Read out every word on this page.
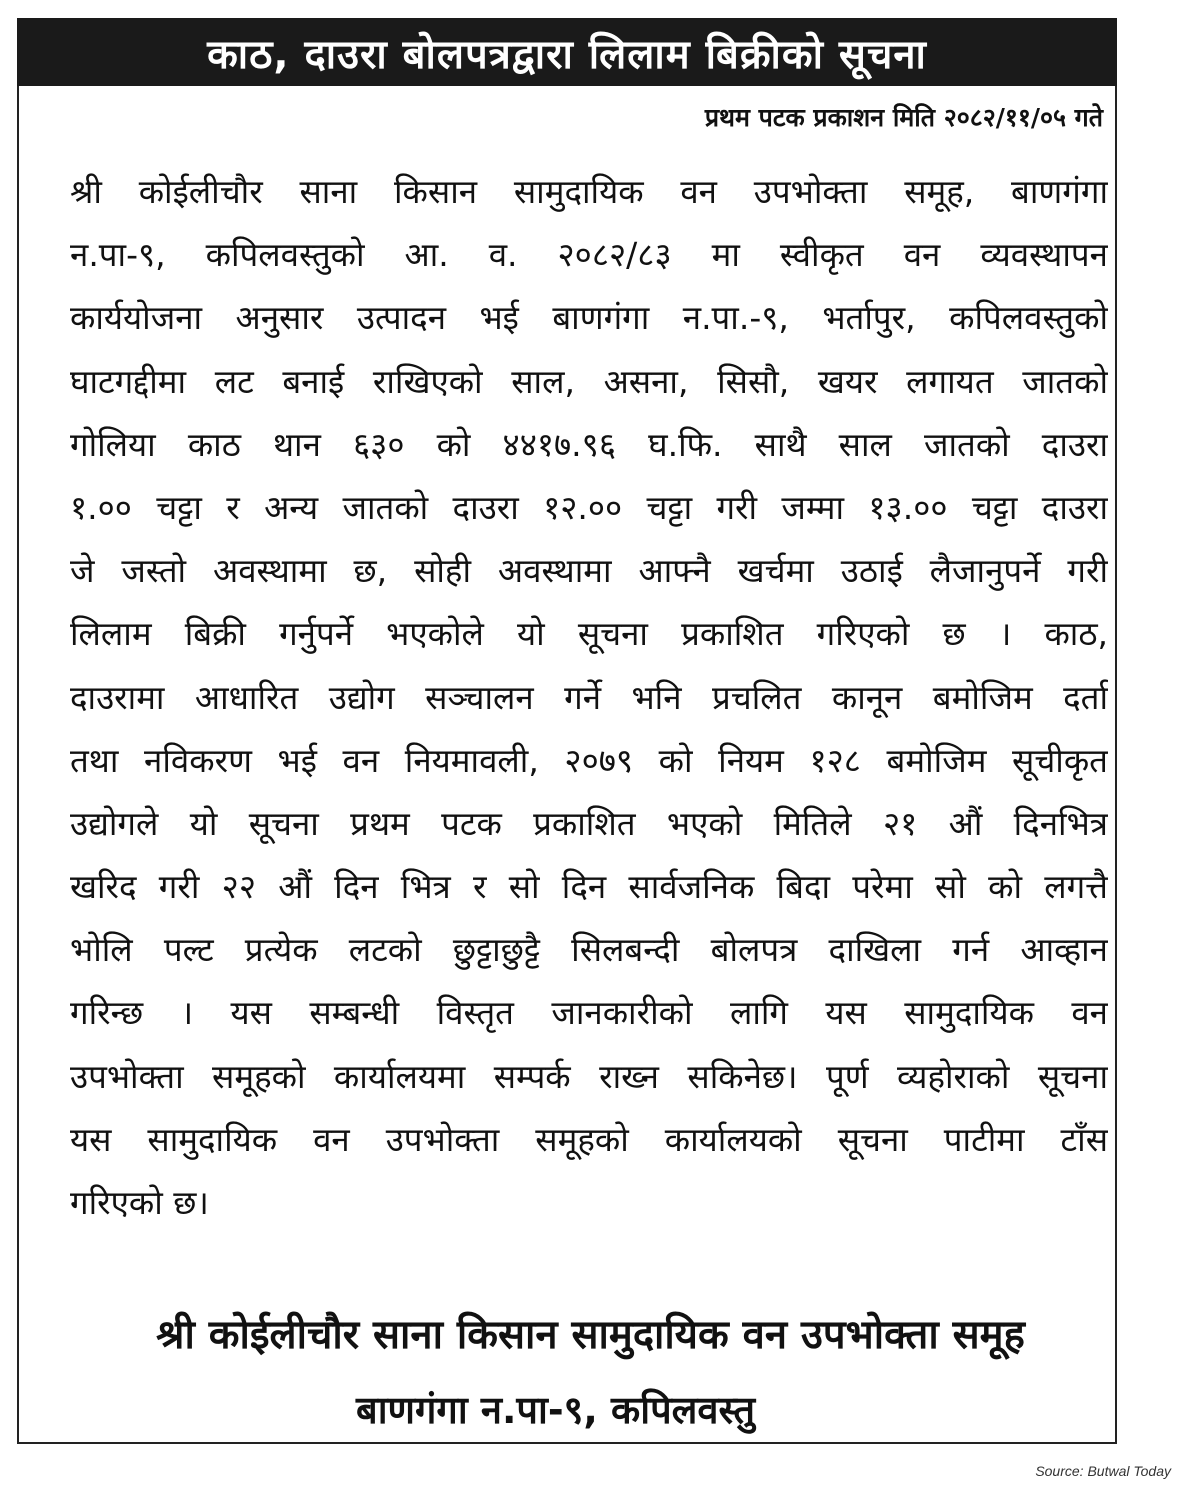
काठ, दाउरा बोलपत्रद्वारा लिलाम बिक्रीको सूचना
प्रथम पटक प्रकाशन मिति २०८२/११/०५ गते
श्री कोईलीचौर साना किसान सामुदायिक वन उपभोक्ता समूह, बाणगंगा
न.पा-९, कपिलवस्तुको आ. व. २०८२/८३ मा स्वीकृत वन व्यवस्थापन
कार्ययोजना अनुसार उत्पादन भई बाणगंगा न.पा.-९, भर्तापुर, कपिलवस्तुको
घाटगद्दीमा लट बनाई राखिएको साल, असना, सिसौ, खयर लगायत जातको
गोलिया काठ थान ६३० को ४४१७.९६ घ.फि. साथै साल जातको दाउरा
१.०० चट्टा र अन्य जातको दाउरा १२.०० चट्टा गरी जम्मा १३.०० चट्टा दाउरा
जे जस्तो अवस्थामा छ, सोही अवस्थामा आफ्नै खर्चमा उठाई लैजानुपर्ने गरी
लिलाम बिक्री गर्नुपर्ने भएकोले यो सूचना प्रकाशित गरिएको छ । काठ,
दाउरामा आधारित उद्योग सञ्चालन गर्ने भनि प्रचलित कानून बमोजिम दर्ता
तथा नविकरण भई वन नियमावली, २०७९ को नियम १२८ बमोजिम सूचीकृत
उद्योगले यो सूचना प्रथम पटक प्रकाशित भएको मितिले २१ औं दिनभित्र
खरिद गरी २२ औं दिन भित्र र सो दिन सार्वजनिक बिदा परेमा सो को लगत्तै
भोलि पल्ट प्रत्येक लटको छुट्टाछुट्टै सिलबन्दी बोलपत्र दाखिला गर्न आव्हान
गरिन्छ । यस सम्बन्धी विस्तृत जानकारीको लागि यस सामुदायिक वन
उपभोक्ता समूहको कार्यालयमा सम्पर्क राख्न सकिनेछ। पूर्ण व्यहोराको सूचना
यस सामुदायिक वन उपभोक्ता समूहको कार्यालयको सूचना पाटीमा टाँस
गरिएको छ।
श्री कोईलीचौर साना किसान सामुदायिक वन उपभोक्ता समूह
बाणगंगा न.पा-९, कपिलवस्तु
Source: Butwal Today
